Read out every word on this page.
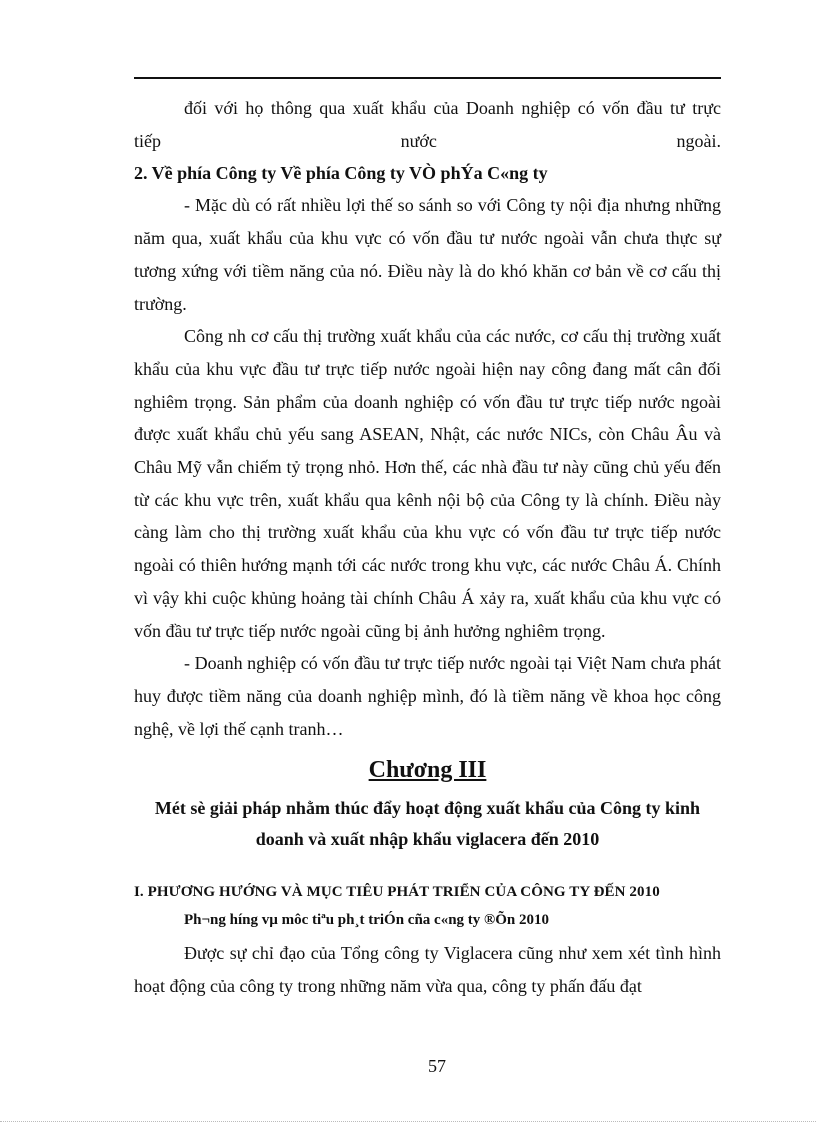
đối với họ thông qua xuất khẩu của Doanh nghiệp có vốn đầu tư trực

tiếp nước ngoài.

2. Về phía Công ty Về phía Công ty VÒ phÝa C«ng ty

- Mặc dù có rất nhiều lợi thế so sánh so với Công ty nội địa nhưng những năm qua, xuất khẩu của khu vực có vốn đầu tư nước ngoài vẫn chưa thực sự tương xứng với tiềm năng của nó. Điều này là do khó khăn cơ bản về cơ cấu thị trường.

Công nh cơ cấu thị trường xuất khẩu của các nước, cơ cấu thị trường xuất khẩu của khu vực đầu tư trực tiếp nước ngoài hiện nay công đang mất cân đối nghiêm trọng. Sản phẩm của doanh nghiệp có vốn đầu tư trực tiếp nước ngoài được xuất khẩu chủ yếu sang ASEAN, Nhật, các nước NICs, còn Châu Âu và Châu Mỹ vẫn chiếm tỷ trọng nhỏ. Hơn thế, các nhà đầu tư này cũng chủ yếu đến từ các khu vực trên, xuất khẩu qua kênh nội bộ của Công ty là chính. Điều này càng làm cho thị trường xuất khẩu của khu vực có vốn đầu tư trực tiếp nước ngoài có thiên hướng mạnh tới các nước trong khu vực, các nước Châu Á. Chính vì vậy khi cuộc khủng hoảng tài chính Châu Á xảy ra, xuất khẩu của khu vực có vốn đầu tư trực tiếp nước ngoài cũng bị ảnh hưởng nghiêm trọng.

- Doanh nghiệp có vốn đầu tư trực tiếp nước ngoài tại Việt Nam chưa phát huy được tiềm năng của doanh nghiệp mình, đó là tiềm năng về khoa học công nghệ, về lợi thế cạnh tranh…

Chương III
Mét sè giải pháp nhằm thúc đẩy hoạt động xuất khẩu của Công ty kinh doanh và xuất nhập khẩu viglacera đến 2010
I. PHƯƠNG HƯỚNG VÀ MỤC TIÊU PHÁT TRIỂN CỦA CÔNG TY ĐẾN 2010
Ph¬ng híng vµ môc tiªu ph¸t triÓn cña c«ng ty ®Õn 2010

Được sự chỉ đạo của Tổng công ty Viglacera cũng như xem xét tình hình hoạt động của công ty trong những năm vừa qua, công ty phấn đấu đạt

57
